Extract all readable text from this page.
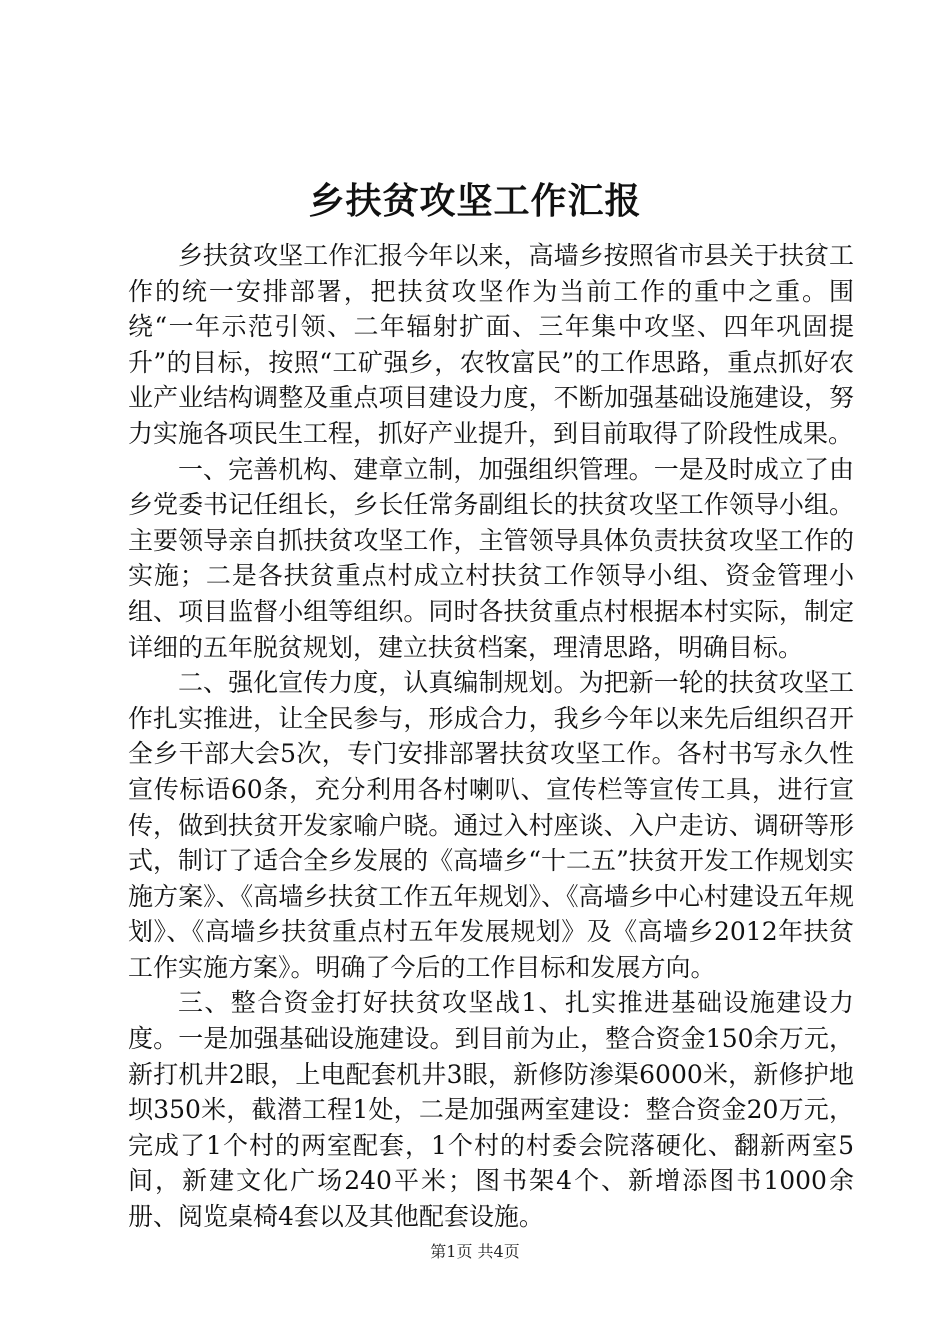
乡扶贫攻坚工作汇报

乡扶贫攻坚工作汇报今年以来，高墙乡按照省市县关于扶贫工作的统一安排部署，把扶贫攻坚作为当前工作的重中之重。围绕“一年示范引领、二年辐射扩面、三年集中攻坚、四年巩固提升”的目标，按照“工矿强乡，农牧富民”的工作思路，重点抓好农业产业结构调整及重点项目建设力度，不断加强基础设施建设，努力实施各项民生工程，抓好产业提升，到目前取得了阶段性成果。

一、完善机构、建章立制，加强组织管理。一是及时成立了由乡党委书记任组长，乡长任常务副组长的扶贫攻坚工作领导小组。主要领导亲自抓扶贫攻坚工作，主管领导具体负责扶贫攻坚工作的实施；二是各扶贫重点村成立村扶贫工作领导小组、资金管理小组、项目监督小组等组织。同时各扶贫重点村根据本村实际，制定详细的五年脱贫规划，建立扶贫档案，理清思路，明确目标。

二、强化宣传力度，认真编制规划。为把新一轮的扶贫攻坚工作扎实推进，让全民参与，形成合力，我乡今年以来先后组织召开全乡干部大会5次，专门安排部署扶贫攻坚工作。各村书写永久性宣传标语60条，充分利用各村喇叭、宣传栏等宣传工具，进行宣传，做到扶贫开发家喻户晓。通过入村座谈、入户走访、调研等形式，制订了适合全乡发展的《高墙乡“十二五”扶贫开发工作规划实施方案》、《高墙乡扶贫工作五年规划》、《高墙乡中心村建设五年规划》、《高墙乡扶贫重点村五年发展规划》及《高墙乡2012年扶贫工作实施方案》。明确了今后的工作目标和发展方向。

三、整合资金打好扶贫攻坚战1、扎实推进基础设施建设力度。一是加强基础设施建设。到目前为止，整合资金150余万元，新打机井2眼，上电配套机井3眼，新修防渗渠6000米，新修护地坝350米，截潜工程1处，二是加强两室建设：整合资金20万元，完成了1个村的两室配套，1个村的村委会院落硬化、翻新两室5间，新建文化广场240平米；图书架4个、新增添图书1000余册、阅览桌椅4套以及其他配套设施。

第1页 共4页
